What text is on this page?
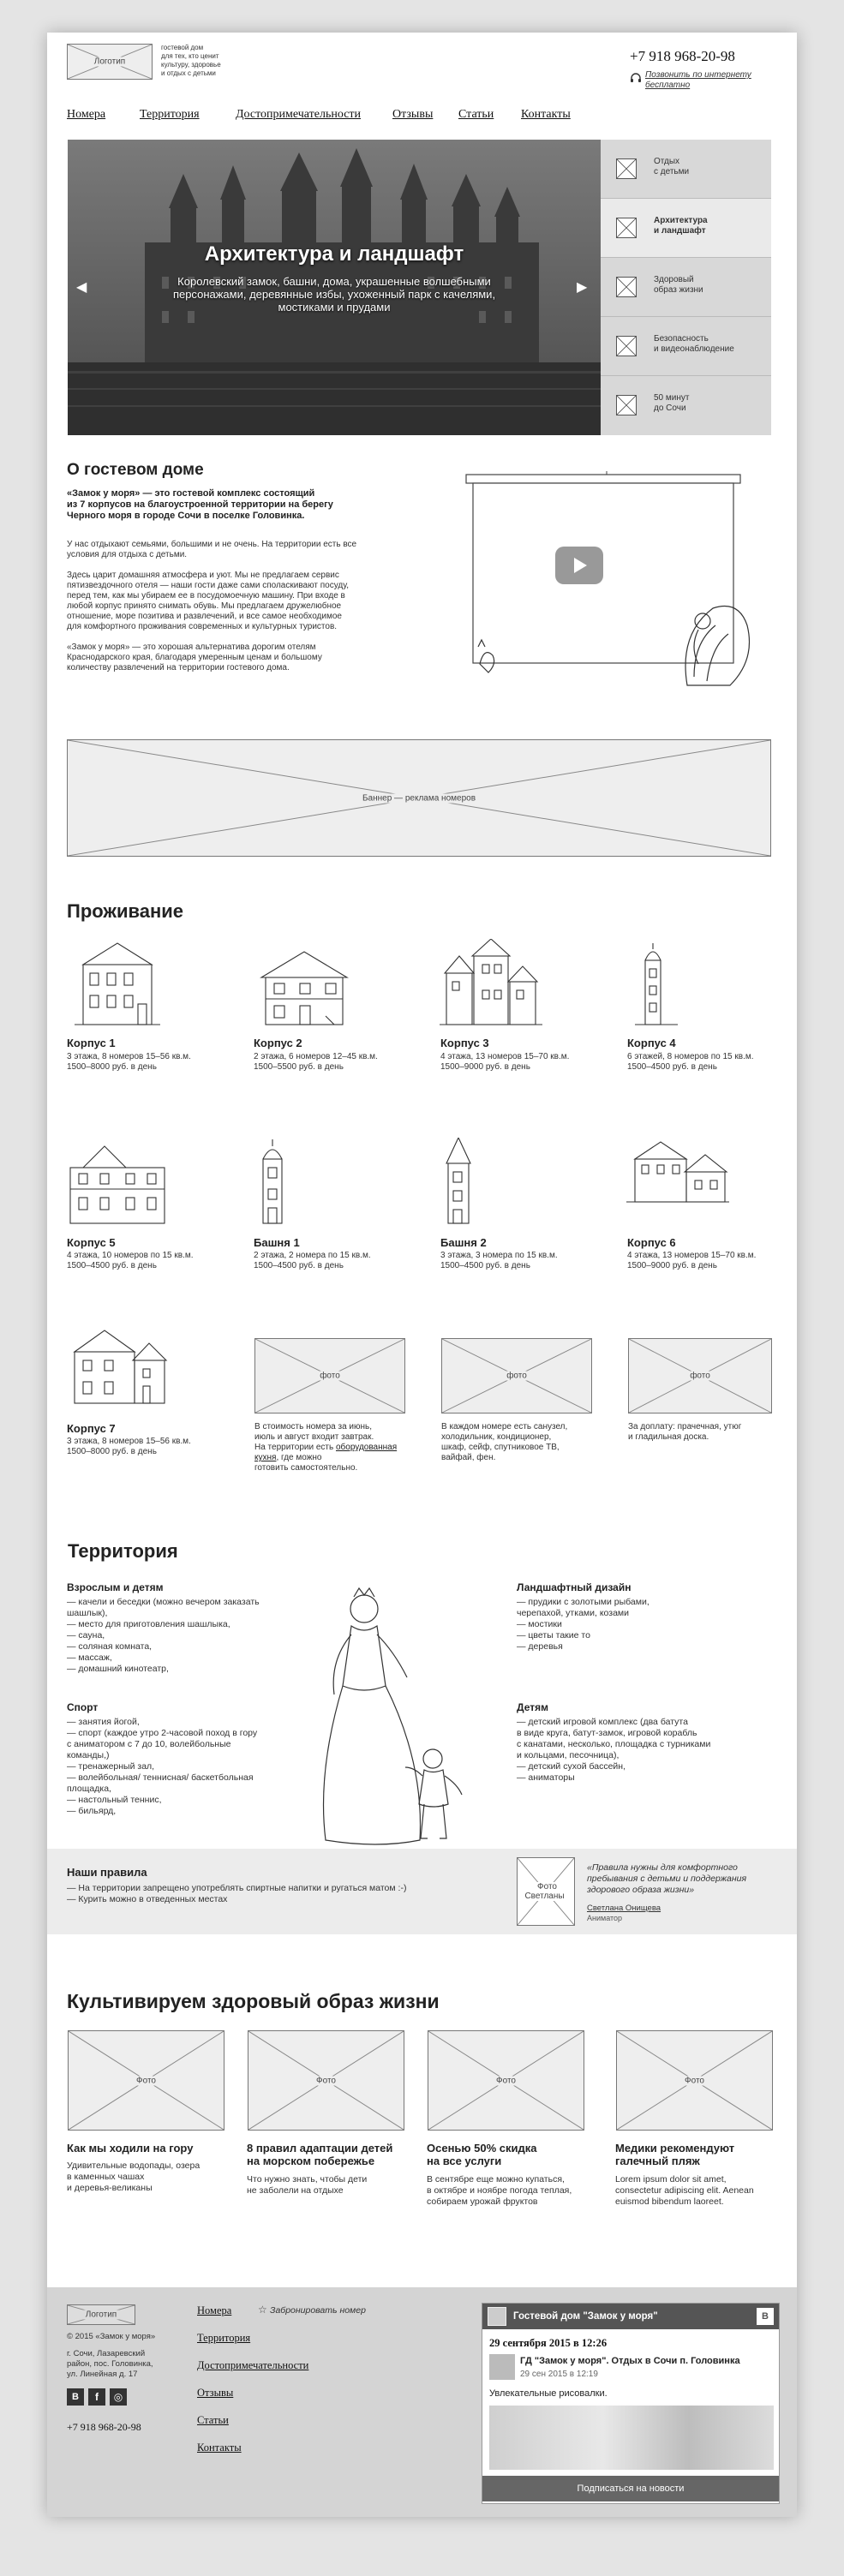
Логотип
гостевой дом
для тех, кто ценит
культуру, здоровье
и отдых с детьми
+7 918 968-20-98
Позвонить по интернету
бесплатно
Номера	Территория	Достопримечательности	Отзывы Статьи Контакты
Архитектура и ландшафт
Королевский замок, башни, дома, украшенные волшебными
персонажами, деревянные избы, ухоженный парк с качелями,
мостиками и прудами
◀	▶
Отдых
с детьми
Архитектура
и ландшафт
Здоровый
образ жизни
Безопасность
и видеонаблюдение
50 минут
до Сочи
О гостевом доме
«Замок у моря» — это гостевой комплекс состоящий
из 7 корпусов на благоустроенной территории на берегу
Черного моря в городе Сочи в поселке Головинка.
У нас отдыхают семьями, большими и не очень. На территории есть все
условия для отдыха с детьми.
Здесь царит домашняя атмосфера и уют. Мы не предлагаем сервис
пятизвездочного отеля — наши гости даже сами споласкивают посуду,
перед тем, как мы убираем ее в посудомоечную машину. При входе в
любой корпус принято снимать обувь. Мы предлагаем дружелюбное
отношение, море позитива и развлечений, и все самое необходимое
для комфортного проживания современных и культурных туристов.
«Замок у моря» — это хорошая альтернатива дорогим отелям
Краснодарского края, благодаря умеренным ценам и большому
количеству развлечений на территории гостевого дома.
Баннер — реклама номеров
Проживание
Корпус 1
3 этажа, 8 номеров 15–56 кв.м.
1500–8000 руб. в день
Корпус 2
2 этажа, 6 номеров 12–45 кв.м.
1500–5500 руб. в день
Корпус 3
4 этажа, 13 номеров 15–70 кв.м.
1500–9000 руб. в день
Корпус 4
6 этажей, 8 номеров по 15 кв.м.
1500–4500 руб. в день
Корпус 5
4 этажа, 10 номеров по 15 кв.м.
1500–4500 руб. в день
Башня 1
2 этажа, 2 номера по 15 кв.м.
1500–4500 руб. в день
Башня 2
3 этажа, 3 номера по 15 кв.м.
1500–4500 руб. в день
Корпус 6
4 этажа, 13 номеров 15–70 кв.м.
1500–9000 руб. в день
Корпус 7
3 этажа, 8 номеров 15–56 кв.м.
1500–8000 руб. в день
фото
В стоимость номера за июнь,
июль и август входит завтрак.
На территории есть оборудованная кухня, где можно
готовить самостоятельно.
фото
В каждом номере есть санузел,
холодильник, кондиционер,
шкаф, сейф, спутниковое ТВ,
вайфай, фен.
фото
За доплату: прачечная, утюг
и гладильная доска.
Территория
Взрослым и детям
— качели и беседки (можно вечером заказать
шашлык),
— место для приготовления шашлыка,
— сауна,
— соляная комната,
— массаж,
— домашний кинотеатр,
Спорт
— занятия йогой,
— спорт (каждое утро 2-часовой поход в гору
с аниматором с 7 до 10, волейбольные
команды,)
— тренажерный зал,
— волейбольная/ теннисная/ баскетбольная
площадка,
— настольный теннис,
— бильярд,
Ландшафтный дизайн
— прудики с золотыми рыбами,
черепахой, утками, козами
— мостики
— цветы такие то
— деревья
Детям
— детский игровой комплекс (два батута
в виде круга, батут-замок, игровой корабль
с канатами, несколько, площадка с турниками
и кольцами, песочница),
— детский сухой бассейн,
— аниматоры
Наши правила
— На территории запрещено употреблять спиртные напитки и ругаться матом :-)
— Курить можно в отведенных местах
Фото
Светланы
«Правила нужны для комфортного
пребывания с детьми и поддержания
здорового образа жизни»
Светлана Онищева
Аниматор
Культивируем здоровый образ жизни
Фото
Как мы ходили на гору
Удивительные водопады, озера
в каменных чашах
и деревья-великаны
Фото
8 правил адаптации детей
на морском побережье
Что нужно знать, чтобы дети
не заболели на отдыхе
Фото
Осенью 50% скидка
на все услуги
В сентябре еще можно купаться,
в октябре и ноябре погода теплая,
собираем урожай фруктов
Фото
Медики рекомендуют
галечный пляж
Lorem ipsum dolor sit amet,
consectetur adipiscing elit. Aenean
euismod bibendum laoreet.
Логотип
© 2015 «Замок у моря»
г. Сочи, Лазаревский
район, пос. Головинка,
ул. Линейная д. 17
В	f	◎
+7 918 968-20-98
Номера
Территория
Достопримечательности
Отзывы
Статьи
Контакты
☆ Забронировать номер
Гостевой дом "Замок у моря"	В
29 сентября 2015 в 12:26
ГД "Замок у моря". Отдых в Сочи п. Головинка
29 сен 2015 в 12:19
Увлекательные рисовалки.
Подписаться на новости
